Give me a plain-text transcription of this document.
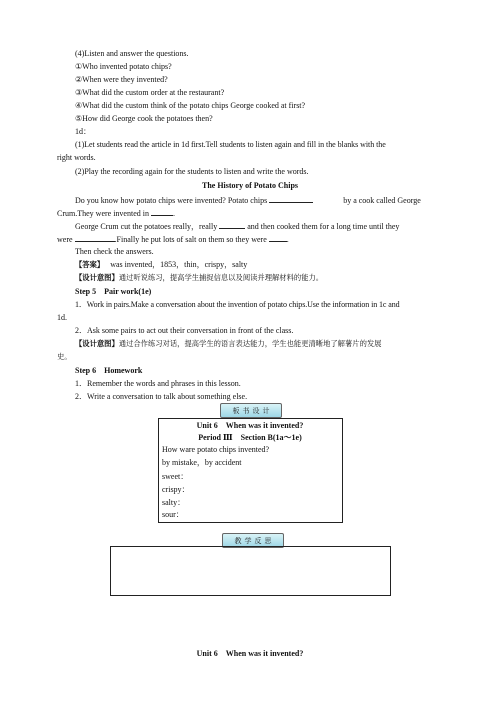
(4)Listen and answer the questions.
①Who invented potato chips?
②When were they invented?
③What did the custom order at the restaurant?
④What did the custom think of the potato chips George cooked at first?
⑤How did George cook the potatoes then?
1d：
(1)Let students read the article in 1d first.Tell students to listen again and fill in the blanks with the
right words.
(2)Play the recording again for the students to listen and write the words.
The History of Potato Chips
Do you know how potato chips were invented? Potato chips	by a cook called George
Crum.They were invented in	.
George Crum cut the potatoes really，really	and then cooked them for a long time until they
were	.Finally he put lots of salt on them so they were	.
Then check the answers.
【答案】 was invented，1853，thin，crispy，salty
【设计意图】通过听说练习，提高学生捕捉信息以及阅读并理解材料的能力。
Step 5　Pair work(1e)
1．Work in pairs.Make a conversation about the invention of potato chips.Use the information in 1c and
1d.
2．Ask some pairs to act out their conversation in front of the class.
【设计意图】通过合作练习对话，提高学生的语言表达能力，学生也能更清晰地了解薯片的发展
史。
Step 6　Homework
1．Remember the words and phrases in this lesson.
2．Write a conversation to talk about something else.
板 书 设 计
Unit 6　When was it invented?
Period Ⅲ　Section B(1a～1e)
How ware potato chips invented?
by mistake，by accident
sweet：
crispy：
salty：
sour：
教 学 反 思
Unit 6　When was it invented?
